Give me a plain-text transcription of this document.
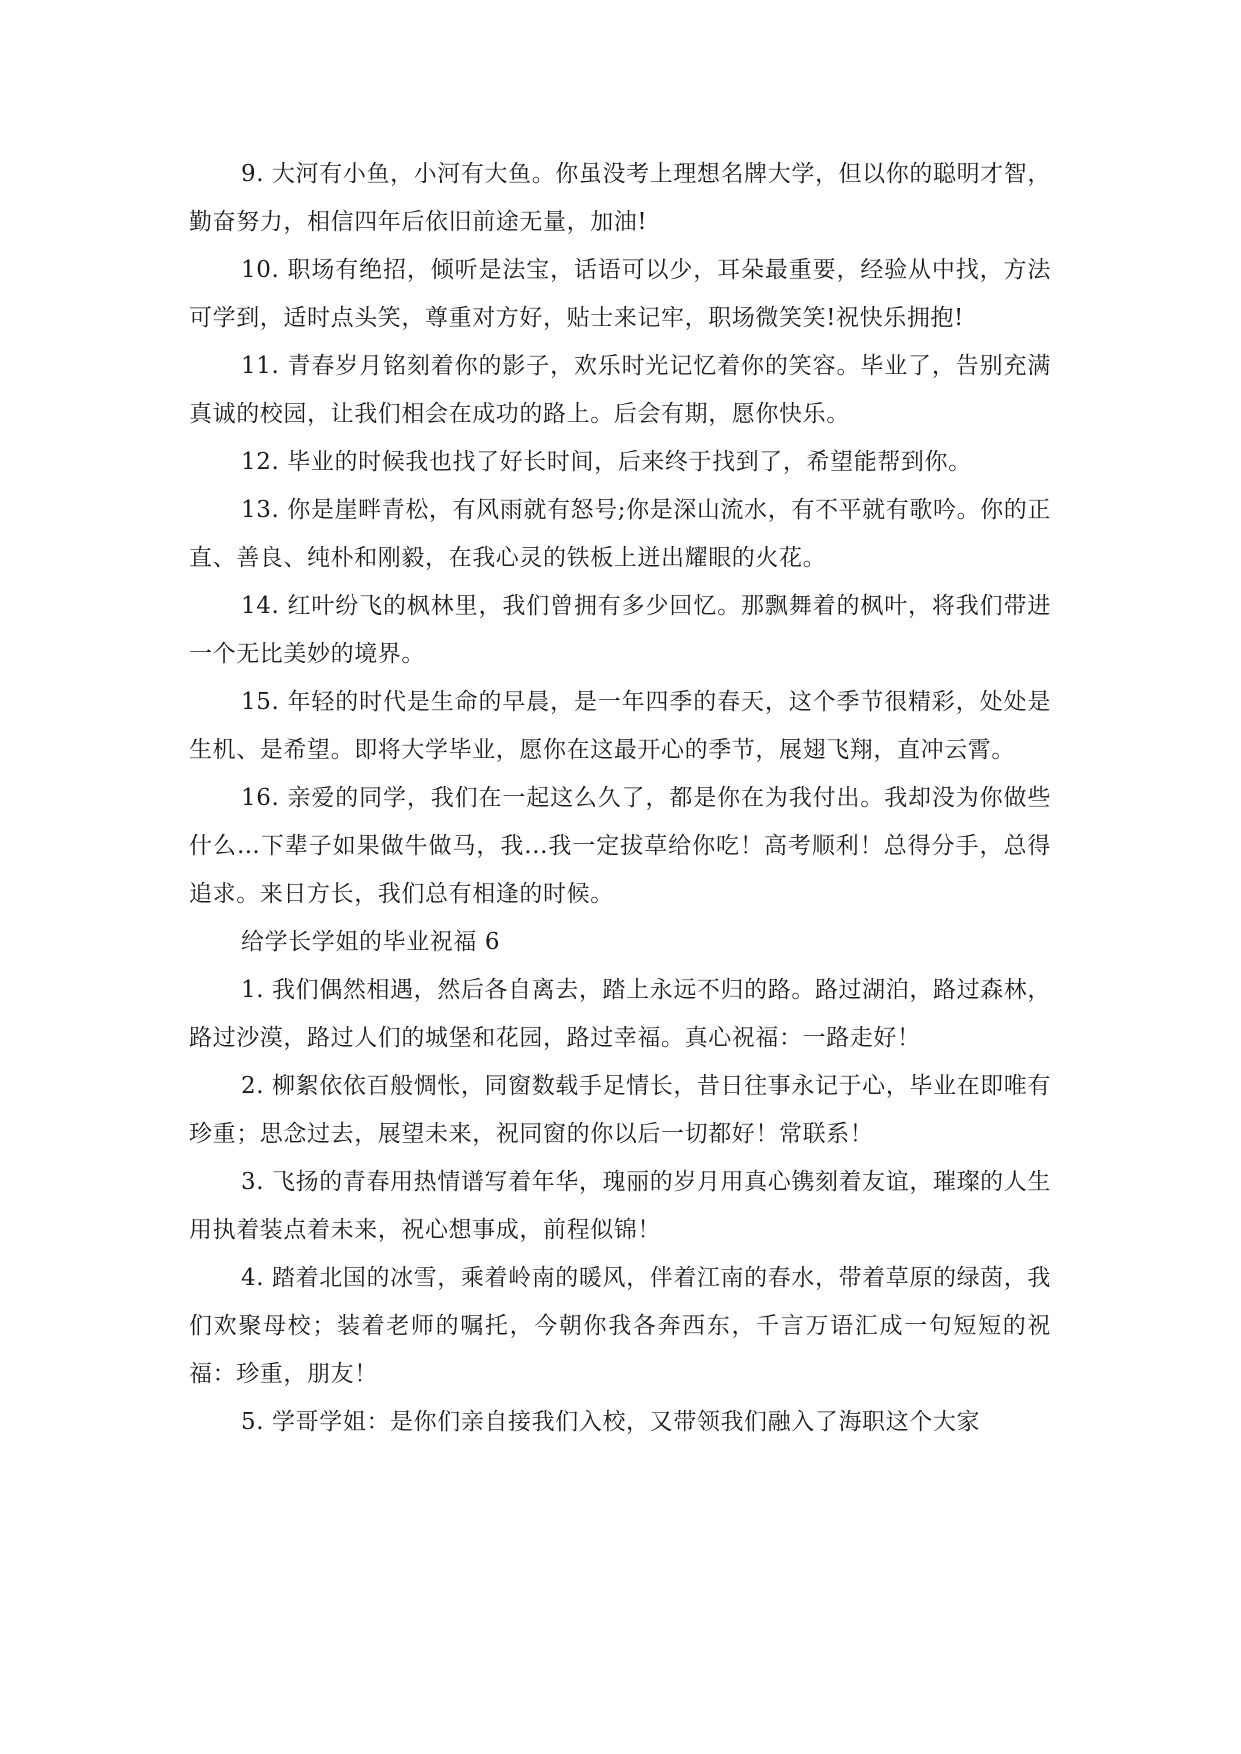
9. 大河有小鱼，小河有大鱼。你虽没考上理想名牌大学，但以你的聪明才智，勤奋努力，相信四年后依旧前途无量，加油!

10. 职场有绝招，倾听是法宝，话语可以少，耳朵最重要，经验从中找，方法可学到，适时点头笑，尊重对方好，贴士来记牢，职场微笑笑!祝快乐拥抱!

11. 青春岁月铭刻着你的影子，欢乐时光记忆着你的笑容。毕业了，告别充满真诚的校园，让我们相会在成功的路上。后会有期，愿你快乐。

12. 毕业的时候我也找了好长时间，后来终于找到了，希望能帮到你。

13. 你是崖畔青松，有风雨就有怒号;你是深山流水，有不平就有歌吟。你的正直、善良、纯朴和刚毅，在我心灵的铁板上迸出耀眼的火花。

14. 红叶纷飞的枫林里，我们曾拥有多少回忆。那飘舞着的枫叶，将我们带进一个无比美妙的境界。

15. 年轻的时代是生命的早晨，是一年四季的春天，这个季节很精彩，处处是生机、是希望。即将大学毕业，愿你在这最开心的季节，展翅飞翔，直冲云霄。

16. 亲爱的同学，我们在一起这么久了，都是你在为我付出。我却没为你做些什么…下辈子如果做牛做马，我...我一定拔草给你吃！高考顺利！总得分手，总得追求。来日方长，我们总有相逢的时候。

给学长学姐的毕业祝福 6

1. 我们偶然相遇，然后各自离去，踏上永远不归的路。路过湖泊，路过森林，路过沙漠，路过人们的城堡和花园，路过幸福。真心祝福：一路走好！

2. 柳絮依依百般惆怅，同窗数载手足情长，昔日往事永记于心，毕业在即唯有珍重；思念过去，展望未来，祝同窗的你以后一切都好！常联系！

3. 飞扬的青春用热情谱写着年华，瑰丽的岁月用真心镌刻着友谊，璀璨的人生用执着装点着未来，祝心想事成，前程似锦！

4. 踏着北国的冰雪，乘着岭南的暖风，伴着江南的春水，带着草原的绿茵，我们欢聚母校；装着老师的嘱托，今朝你我各奔西东，千言万语汇成一句短短的祝福：珍重，朋友！

5. 学哥学姐：是你们亲自接我们入校，又带领我们融入了海职这个大家
